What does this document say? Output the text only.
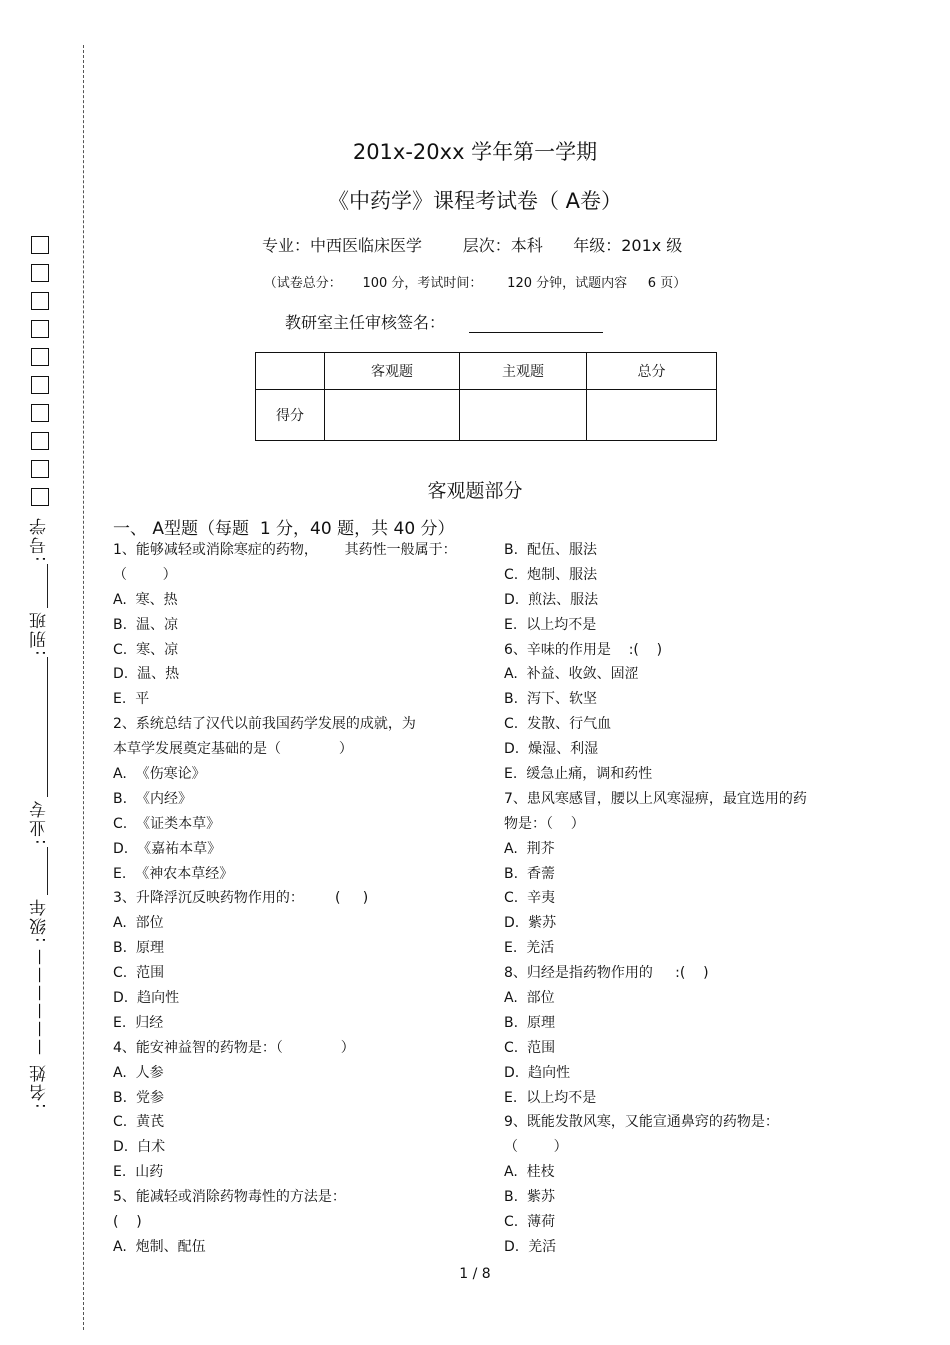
:号学
:别班
:业专
:级年
——————
:名姓
201x-20xx 学年第一学期
《中药学》课程考试卷（ A卷）
专业：中西医临床医学        层次：本科      年级：201x 级
（试卷总分：     100 分，考试时间：      120 分钟，试题内容     6 页）
教研室主任审核签名：
	客观题	主观题	总分
得分			
客观题部分
一、 A型题（每题  1 分，40 题，共 40 分）
1、能够减轻或消除寒症的药物，      其药性一般属于：
（        ）
A.  寒、热
B.  温、凉
C.  寒、凉
D.  温、热
E.  平
2、系统总结了汉代以前我国药学发展的成就，为
本草学发展奠定基础的是（             ）
A.  《伤寒论》
B.  《内经》
C.  《证类本草》
D.  《嘉祐本草》
E.  《神农本草经》
3、升降浮沉反映药物作用的：       (     )
A.  部位
B.  原理
C.  范围
D.  趋向性
E.  归经
4、能安神益智的药物是：（             ）
A.  人参
B.  党参
C.  黄芪
D.  白术
E.  山药
5、能减轻或消除药物毒性的方法是：
(    )
A.  炮制、配伍
B.  配伍、服法
C.  炮制、服法
D.  煎法、服法
E.  以上均不是
6、辛味的作用是    :(    )
A.  补益、收敛、固涩
B.  泻下、软坚
C.  发散、行气血
D.  燥湿、利湿
E.  缓急止痛，调和药性
7、患风寒感冒，腰以上风寒湿痹，最宜选用的药
物是：（    ）
A.  荆芥
B.  香薷
C.  辛夷
D.  紫苏
E.  羌活
8、归经是指药物作用的     :(    )
A.  部位
B.  原理
C.  范围
D.  趋向性
E.  以上均不是
9、既能发散风寒，又能宣通鼻窍的药物是：
（        ）
A.  桂枝
B.  紫苏
C.  薄荷
D.  羌活
1 / 8
